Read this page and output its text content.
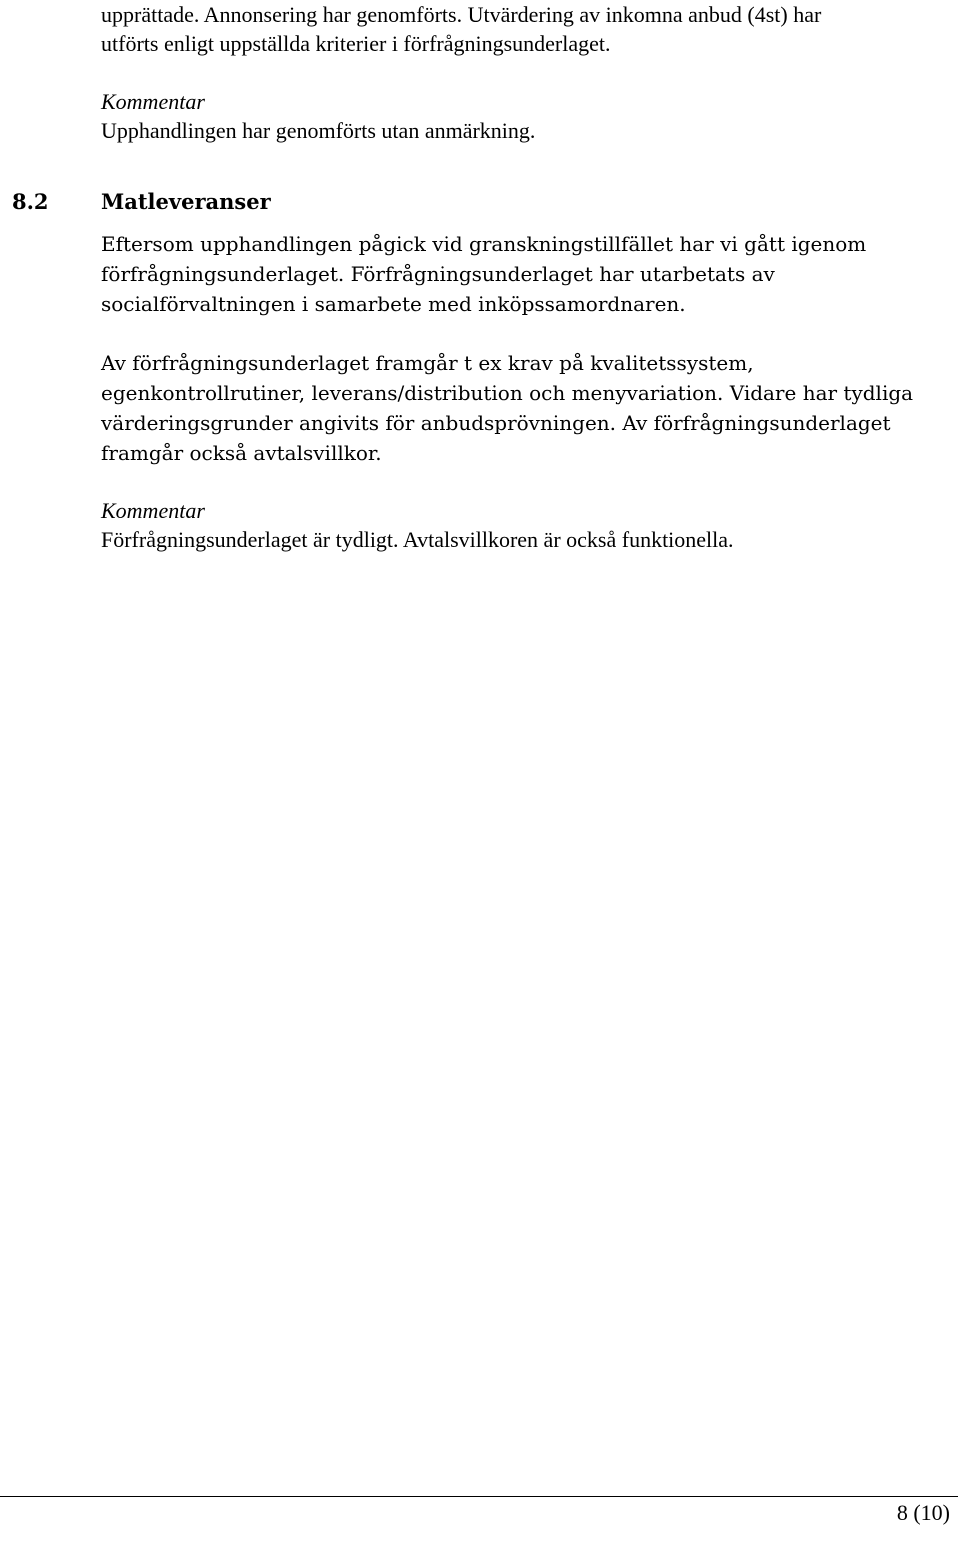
upprättade. Annonsering har genomförts. Utvärdering av inkomna anbud (4st) har
utförts enligt uppställda kriterier i förfrågningsunderlaget.
Kommentar
Upphandlingen har genomförts utan anmärkning.
8.2 Matleveranser
Eftersom upphandlingen pågick vid granskningstillfället har vi gått igenom
förfrågningsunderlaget. Förfrågningsunderlaget har utarbetats av
socialförvaltningen i samarbete med inköpssamordnaren.
Av förfrågningsunderlaget framgår t ex krav på kvalitetssystem,
egenkontrollrutiner, leverans/distribution och menyvariation. Vidare har tydliga
värderingsgrunder angivits för anbudsprövningen. Av förfrågningsunderlaget
framgår också avtalsvillkor.
Kommentar
Förfrågningsunderlaget är tydligt. Avtalsvillkoren är också funktionella.
8 (10)
